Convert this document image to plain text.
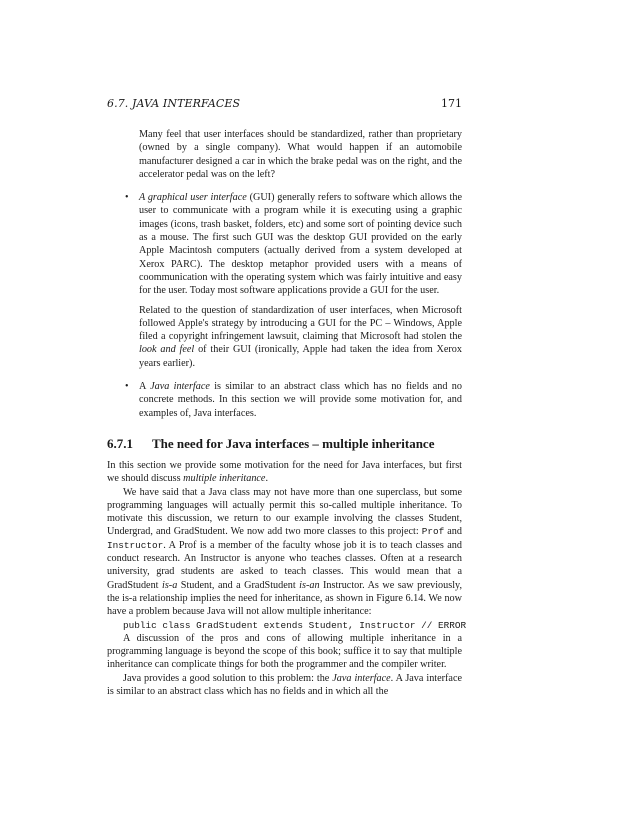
6.7. JAVA INTERFACES	171

Many feel that user interfaces should be standardized, rather than proprietary (owned by a single company). What would happen if an automobile manufacturer designed a car in which the brake pedal was on the right, and the accelerator pedal was on the left?

• A graphical user interface (GUI) generally refers to software which allows the user to communicate with a program while it is executing using a graphic images (icons, trash basket, folders, etc) and some sort of pointing device such as a mouse. The first such GUI was the desktop GUI provided on the early Apple Macintosh computers (actually derived from a system developed at Xerox PARC). The desktop metaphor provided users with a means of coommunication with the operating system which was fairly intuitive and easy for the user. Today most software applications provide a GUI for the user.

Related to the question of standardization of user interfaces, when Microsoft followed Apple's strategy by introducing a GUI for the PC – Windows, Apple filed a copyright infringement lawsuit, claiming that Microsoft had stolen the look and feel of their GUI (ironically, Apple had taken the idea from Xerox years earlier).

• A Java interface is similar to an abstract class which has no fields and no concrete methods. In this section we will provide some motivation for, and examples of, Java interfaces.

6.7.1	The need for Java interfaces – multiple inheritance

In this section we provide some motivation for the need for Java interfaces, but first we should discuss multiple inheritance.

We have said that a Java class may not have more than one superclass, but some programming languages will actually permit this so-called multiple inheritance. To motivate this discussion, we return to our example involving the classes Student, Undergrad, and GradStudent. We now add two more classes to this project: Prof and Instructor. A Prof is a member of the faculty whose job it is to teach classes and conduct research. An Instructor is anyone who teaches classes. Often at a research university, grad students are asked to teach classes. This would mean that a GradStudent is-a Student, and a GradStudent is-an Instructor. As we saw previously, the is-a relationship implies the need for inheritance, as shown in Figure 6.14. We now have a problem because Java will not allow multiple inheritance:

public class GradStudent extends Student, Instructor // ERROR

A discussion of the pros and cons of allowing multiple inheritance in a programming language is beyond the scope of this book; suffice it to say that multiple inheritance can complicate things for both the programmer and the compiler writer.

Java provides a good solution to this problem: the Java interface. A Java interface is similar to an abstract class which has no fields and in which all the
